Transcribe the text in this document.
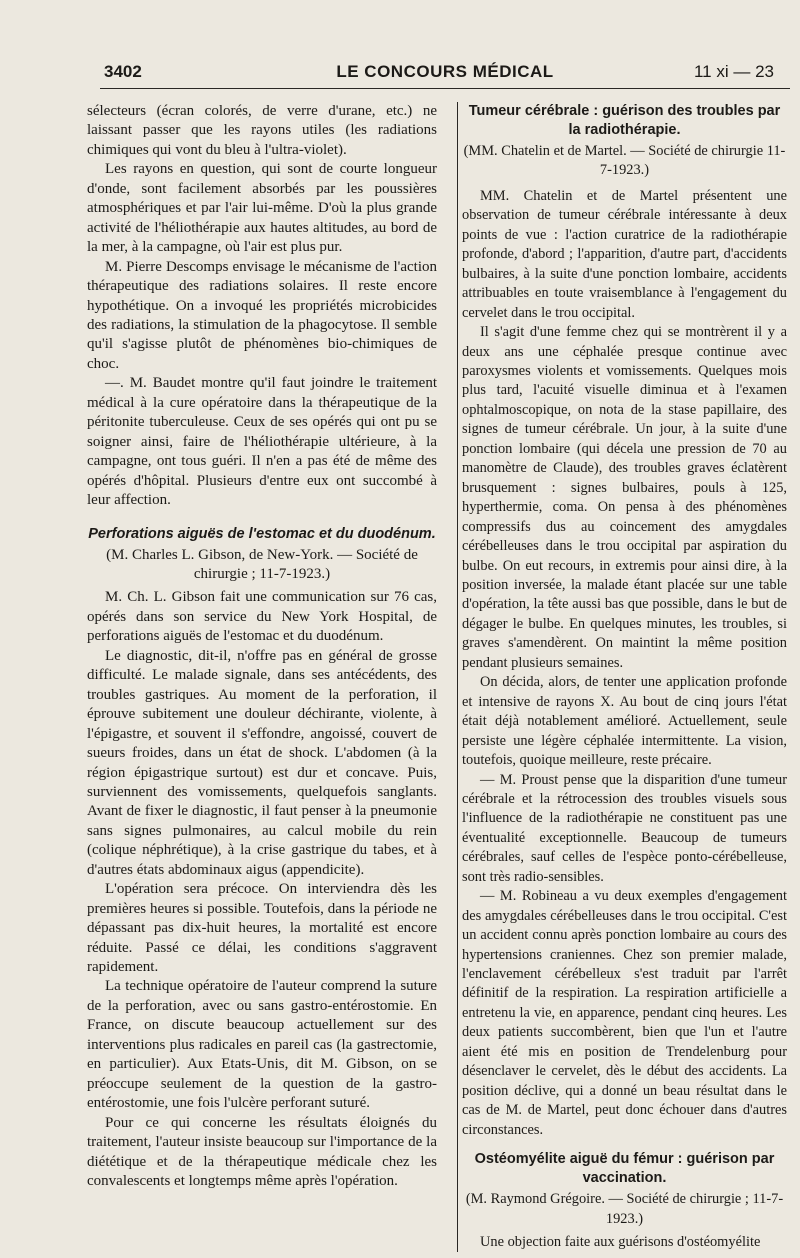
3402	LE CONCOURS MÉDICAL	11 xi — 23

sélecteurs (écran colorés, de verre d'urane, etc.) ne laissant passer que les rayons utiles (les radiations chimiques qui vont du bleu à l'ultra-violet).

Les rayons en question, qui sont de courte longueur d'onde, sont facilement absorbés par les poussières atmosphériques et par l'air lui-même. D'où la plus grande activité de l'héliothérapie aux hautes altitudes, au bord de la mer, à la campagne, où l'air est plus pur.

M. Pierre Descomps envisage le mécanisme de l'action thérapeutique des radiations solaires. Il reste encore hypothétique. On a invoqué les propriétés microbicides des radiations, la stimulation de la phagocytose. Il semble qu'il s'agisse plutôt de phénomènes bio-chimiques de choc.

—. M. Baudet montre qu'il faut joindre le traitement médical à la cure opératoire dans la thérapeutique de la péritonite tuberculeuse. Ceux de ses opérés qui ont pu se soigner ainsi, faire de l'héliothérapie ultérieure, à la campagne, ont tous guéri. Il n'en a pas été de même des opérés d'hôpital. Plusieurs d'entre eux ont succombé à leur affection.

Perforations aiguës de l'estomac et du duodénum.

(M. Charles L. Gibson, de New-York. — Société de chirurgie ; 11-7-1923.)

M. Ch. L. Gibson fait une communication sur 76 cas, opérés dans son service du New York Hospital, de perforations aiguës de l'estomac et du duodénum.

Le diagnostic, dit-il, n'offre pas en général de grosse difficulté. Le malade signale, dans ses antécédents, des troubles gastriques. Au moment de la perforation, il éprouve subitement une douleur déchirante, violente, à l'épigastre, et souvent il s'effondre, angoissé, couvert de sueurs froides, dans un état de shock. L'abdomen (à la région épigastrique surtout) est dur et concave. Puis, surviennent des vomissements, quelquefois sanglants. Avant de fixer le diagnostic, il faut penser à la pneumonie sans signes pulmonaires, au calcul mobile du rein (colique néphrétique), à la crise gastrique du tabes, et à d'autres états abdominaux aigus (appendicite).

L'opération sera précoce. On interviendra dès les premières heures si possible. Toutefois, dans la période ne dépassant pas dix-huit heures, la mortalité est encore réduite. Passé ce délai, les conditions s'aggravent rapidement.

La technique opératoire de l'auteur comprend la suture de la perforation, avec ou sans gastro-entérostomie. En France, on discute beaucoup actuellement sur des interventions plus radicales en pareil cas (la gastrectomie, en particulier). Aux Etats-Unis, dit M. Gibson, on se préoccupe seulement de la question de la gastro-entérostomie, une fois l'ulcère perforant suturé.

Pour ce qui concerne les résultats éloignés du traitement, l'auteur insiste beaucoup sur l'importance de la diététique et de la thérapeutique médicale chez les convalescents et longtemps même après l'opération.

Tumeur cérébrale : guérison des troubles par la radiothérapie.

(MM. Chatelin et de Martel. — Société de chirurgie 11-7-1923.)

MM. Chatelin et de Martel présentent une observation de tumeur cérébrale intéressante à deux points de vue : l'action curatrice de la radiothérapie profonde, d'abord ; l'apparition, d'autre part, d'accidents bulbaires, à la suite d'une ponction lombaire, accidents attribuables en toute vraisemblance à l'engagement du cervelet dans le trou occipital.

Il s'agit d'une femme chez qui se montrèrent il y a deux ans une céphalée presque continue avec paroxysmes violents et vomissements. Quelques mois plus tard, l'acuité visuelle diminua et à l'examen ophtalmoscopique, on nota de la stase papillaire, des signes de tumeur cérébrale. Un jour, à la suite d'une ponction lombaire (qui décela une pression de 70 au manomètre de Claude), des troubles graves éclatèrent brusquement : signes bulbaires, pouls à 125, hyperthermie, coma. On pensa à des phénomènes compressifs dus au coincement des amygdales cérébelleuses dans le trou occipital par aspiration du bulbe. On eut recours, in extremis pour ainsi dire, à la position inversée, la malade étant placée sur une table d'opération, la tête aussi bas que possible, dans le but de dégager le bulbe. En quelques minutes, les troubles, si graves s'amendèrent. On maintint la même position pendant plusieurs semaines.

On décida, alors, de tenter une application profonde et intensive de rayons X. Au bout de cinq jours l'état était déjà notablement amélioré. Actuellement, seule persiste une légère céphalée intermittente. La vision, toutefois, quoique meilleure, reste précaire.

— M. Proust pense que la disparition d'une tumeur cérébrale et la rétrocession des troubles visuels sous l'influence de la radiothérapie ne constituent pas une éventualité exceptionnelle. Beaucoup de tumeurs cérébrales, sauf celles de l'espèce ponto-cérébelleuse, sont très radio-sensibles.

— M. Robineau a vu deux exemples d'engagement des amygdales cérébelleuses dans le trou occipital. C'est un accident connu après ponction lombaire au cours des hypertensions craniennes. Chez son premier malade, l'enclavement cérébelleux s'est traduit par l'arrêt définitif de la respiration. La respiration artificielle a entretenu la vie, en apparence, pendant cinq heures. Les deux patients succombèrent, bien que l'un et l'autre aient été mis en position de Trendelenburg pour désenclaver le cervelet, dès le début des accidents. La position déclive, qui a donné un beau résultat dans le cas de M. de Martel, peut donc échouer dans d'autres circonstances.

Ostéomyélite aiguë du fémur : guérison par vaccination.

(M. Raymond Grégoire. — Société de chirurgie ; 11-7-1923.)

Une objection faite aux guérisons d'ostéomyélite
